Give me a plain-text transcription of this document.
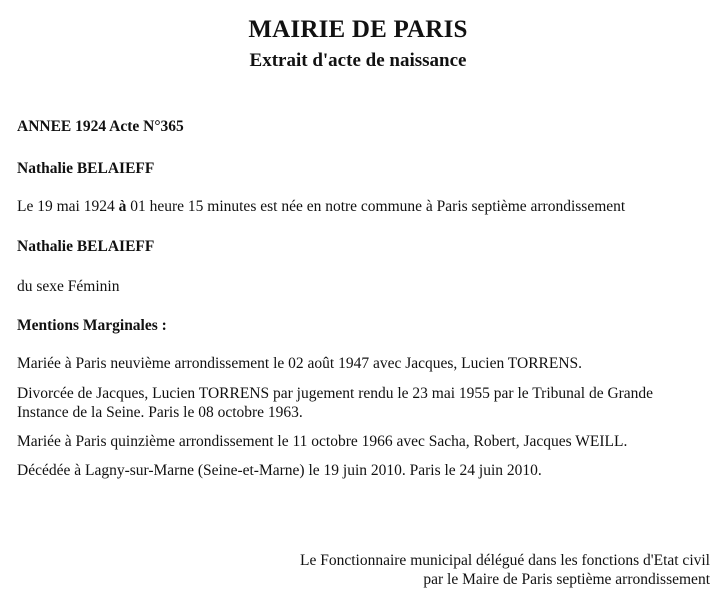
MAIRIE DE PARIS
Extrait d'acte de naissance
ANNEE 1924 Acte N°365
Nathalie BELAIEFF
Le 19 mai 1924 à 01 heure 15 minutes est née en notre commune à Paris septième arrondissement
Nathalie BELAIEFF
du sexe Féminin
Mentions Marginales :
Mariée à Paris neuvième arrondissement le 02 août 1947 avec Jacques, Lucien TORRENS.
Divorcée de Jacques, Lucien TORRENS par jugement rendu le 23 mai 1955 par le Tribunal de Grande Instance de la Seine. Paris le 08 octobre 1963.
Mariée à Paris quinzième arrondissement le 11 octobre 1966 avec Sacha, Robert, Jacques WEILL.
Décédée à Lagny-sur-Marne (Seine-et-Marne) le 19 juin 2010. Paris le 24 juin 2010.
Le Fonctionnaire municipal délégué dans les fonctions d'Etat civil
par le Maire de Paris septième arrondissement
